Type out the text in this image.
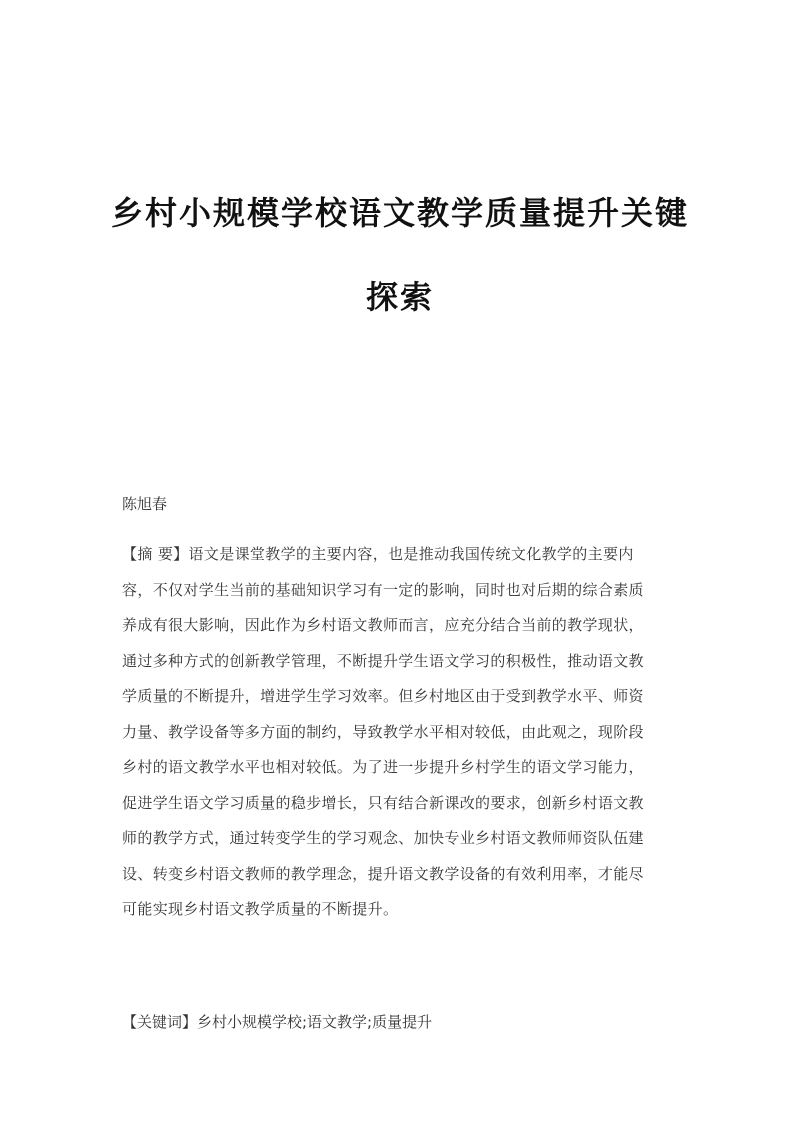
乡村小规模学校语文教学质量提升关键
探索
陈旭春
【摘 要】语文是课堂教学的主要内容，也是推动我国传统文化教学的主要内
容，不仅对学生当前的基础知识学习有一定的影响，同时也对后期的综合素质
养成有很大影响，因此作为乡村语文教师而言，应充分结合当前的教学现状，
通过多种方式的创新教学管理，不断提升学生语文学习的积极性，推动语文教
学质量的不断提升，增进学生学习效率。但乡村地区由于受到教学水平、师资
力量、教学设备等多方面的制约，导致教学水平相对较低，由此观之，现阶段
乡村的语文教学水平也相对较低。为了进一步提升乡村学生的语文学习能力，
促进学生语文学习质量的稳步增长，只有结合新课改的要求，创新乡村语文教
师的教学方式，通过转变学生的学习观念、加快专业乡村语文教师师资队伍建
设、转变乡村语文教师的教学理念，提升语文教学设备的有效利用率，才能尽
可能实现乡村语文教学质量的不断提升。
【关键词】乡村小规模学校;语文教学;质量提升
